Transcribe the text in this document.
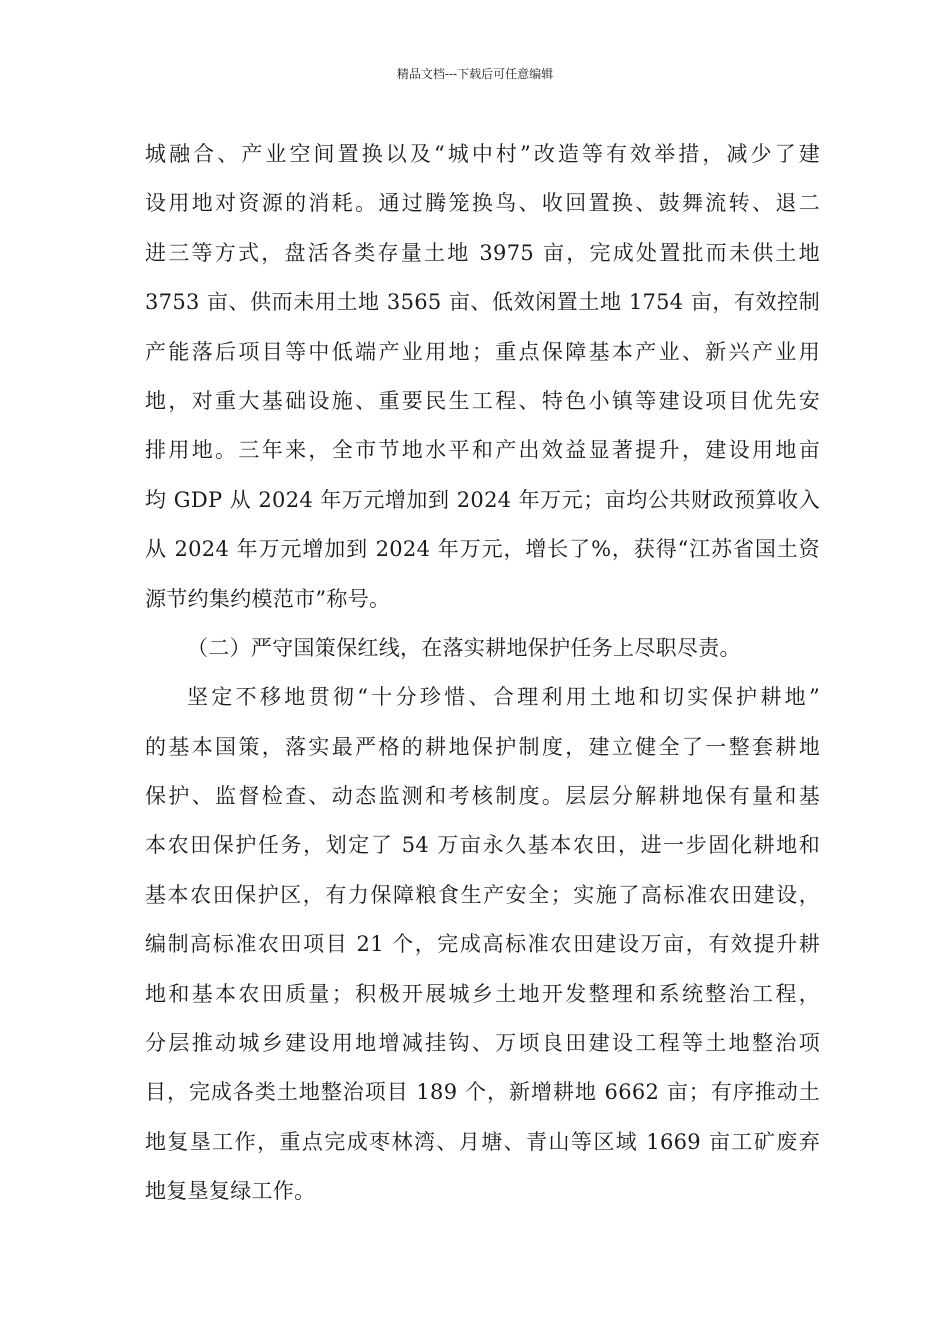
精品文档---下载后可任意编辑
城融合、产业空间置换以及“城中村”改造等有效举措，减少了建
设用地对资源的消耗。通过腾笼换鸟、收回置换、鼓舞流转、退二
进三等方式，盘活各类存量土地 3975 亩，完成处置批而未供土地
3753 亩、供而未用土地 3565 亩、低效闲置土地 1754 亩，有效控制
产能落后项目等中低端产业用地；重点保障基本产业、新兴产业用
地，对重大基础设施、重要民生工程、特色小镇等建设项目优先安
排用地。三年来，全市节地水平和产出效益显著提升，建设用地亩
均 GDP 从 2024 年万元增加到 2024 年万元；亩均公共财政预算收入
从 2024 年万元增加到 2024 年万元，增长了%，获得“江苏省国土资
源节约集约模范市”称号。
（二）严守国策保红线，在落实耕地保护任务上尽职尽责。
坚定不移地贯彻“十分珍惜、合理利用土地和切实保护耕地”
的基本国策，落实最严格的耕地保护制度，建立健全了一整套耕地
保护、监督检查、动态监测和考核制度。层层分解耕地保有量和基
本农田保护任务，划定了 54 万亩永久基本农田，进一步固化耕地和
基本农田保护区，有力保障粮食生产安全；实施了高标准农田建设，
编制高标准农田项目 21 个，完成高标准农田建设万亩，有效提升耕
地和基本农田质量；积极开展城乡土地开发整理和系统整治工程，
分层推动城乡建设用地增减挂钩、万顷良田建设工程等土地整治项
目，完成各类土地整治项目 189 个，新增耕地 6662 亩；有序推动土
地复垦工作，重点完成枣林湾、月塘、青山等区域 1669 亩工矿废弃
地复垦复绿工作。
